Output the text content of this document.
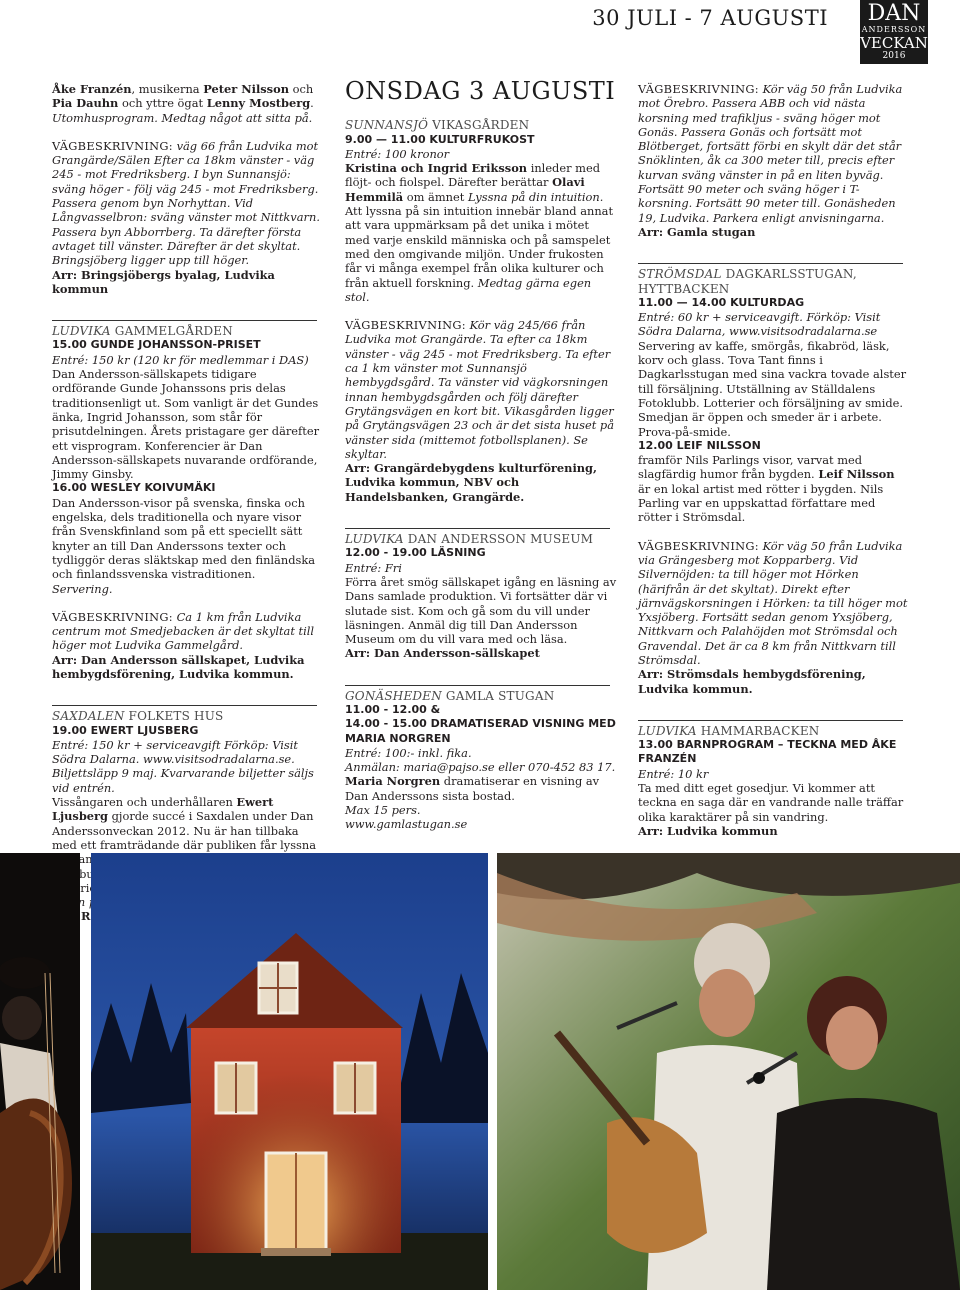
30 JULI - 7 AUGUSTI	DAN
ANDERSSON
VECKAN
2016

Åke Franzén, musikerna Peter Nilsson och Pia Dauhn och yttre ögat Lenny Mostberg.

Utomhusprogram. Medtag något att sitta på.

VÄGBESKRIVNING: väg 66 från Ludvika mot Grangärde/Sälen Efter ca 18km vänster - väg 245 - mot Fredriksberg. I byn Sunnansjö: sväng höger - följ väg 245 - mot Fredriksberg. Passera genom byn Norhyttan. Vid Långvasselbron: sväng vänster mot Nittkvarn. Passera byn Abborrberg. Ta därefter första avtaget till vänster. Därefter är det skyltat. Bringsjöberg ligger upp till höger.

Arr: Bringsjöbergs byalag, Ludvika kommun

LUDVIKA GAMMELGÅRDEN

15.00 GUNDE JOHANSSON-PRISET

Entré: 150 kr (120 kr för medlemmar i DAS)

Dan Andersson-sällskapets tidigare ordförande Gunde Johanssons pris delas traditionsenligt ut. Som vanligt är det Gundes änka, Ingrid Johansson, som står för prisutdelningen. Årets pristagare ger därefter ett visprogram. Konferencier är Dan Andersson-sällskapets nuvarande ordförande, Jimmy Ginsby.

16.00 WESLEY KOIVUMÄKI

Dan Andersson-visor på svenska, finska och engelska, dels traditionella och nyare visor från Svenskfinland som på ett speciellt sätt knyter an till Dan Anderssons texter och tydliggör deras släktskap med den finländska och finlandssvenska vistraditionen.

Servering.

VÄGBESKRIVNING: Ca 1 km från Ludvika centrum mot Smedjebacken är det skyltat till höger mot Ludvika Gammelgård.

Arr: Dan Andersson sällskapet, Ludvika hembygdsförening, Ludvika kommun.

SAXDALEN FOLKETS HUS

19.00 EWERT LJUSBERG

Entré: 150 kr + serviceavgift Förköp: Visit Södra Dalarna. www.visitsodradalarna.se. Biljettsläpp 9 maj. Kvarvarande biljetter säljs vid entrén.

Vissångaren och underhållaren Ewert Ljusberg gjorde succé i Saxdalen under Dan Anderssonveckan 2012. Nu är han tillbaka med ett framträdande där publiken får lyssna hans

ONSDAG 3 AUGUSTI

SUNNANSJÖ VIKASGÅRDEN

9.00 — 11.00 KULTURFRUKOST

Entré: 100 kronor

Kristina och Ingrid Eriksson inleder med flöjt- och fiolspel. Därefter berättar Olavi Hemmilä om ämnet Lyssna på din intuition. Att lyssna på sin intuition innebär bland annat att vara uppmärksam på det unika i mötet med varje enskild människa och på samspelet med den omgivande miljön. Under frukosten får vi många exempel från olika kulturer och från aktuell forskning. Medtag gärna egen stol.

VÄGBESKRIVNING: Kör väg 245/66 från Ludvika mot Grangärde. Ta efter ca 18km vänster - väg 245 - mot Fredriksberg. Ta efter ca 1 km vänster mot Sunnansjö hembygdsgård. Ta vänster vid vägkorsningen innan hembygdsgården och följ därefter Grytängsvägen en kort bit. Vikasgården ligger på Grytängsvägen 23 och är det sista huset på vänster sida (mittemot fotbollsplanen). Se skyltar.

Arr: Grangärdebygdens kulturförening, Ludvika kommun, NBV och Handelsbanken, Grangärde.

LUDVIKA DAN ANDERSSON MUSEUM

12.00 - 19.00 LÄSNING

Entré: Fri

Förra året smög sällskapet igång en läsning av Dans samlade produktion. Vi fortsätter där vi slutade sist. Kom och gå som du vill under läsningen. Anmäl dig till Dan Andersson Museum om du vill vara med och läsa.

Arr: Dan Andersson-sällskapet

GONÄSHEDEN GAMLA STUGAN

11.00 - 12.00 &

14.00 - 15.00 DRAMATISERAD VISNING MED MARIA NORGREN

Entré: 100:- inkl. fika.

Anmälan: maria@pajso.se eller 070-452 83 17.

Maria Norgren dramatiserar en visning av Dan Anderssons sista bostad.

Max 15 pers.

www.gamlastugan.se

VÄGBESKRIVNING: Kör väg 50 från Ludvika mot Örebro. Passera ABB och vid nästa korsning med trafikljus - sväng höger mot Gonäs. Passera Gonäs och fortsätt mot Blötberget, fortsätt förbi en skylt där det står Snöklinten, åk ca 300 meter till, precis efter kurvan sväng vänster in på en liten byväg. Fortsätt 90 meter och sväng höger i T-korsning. Fortsätt 90 meter till. Gonäsheden 19, Ludvika. Parkera enligt anvisningarna.

Arr: Gamla stugan

STRÖMSDAL DAGKARLSSTUGAN, HYTTBACKEN

11.00 — 14.00 KULTURDAG

Entré: 60 kr + serviceavgift. Förköp: Visit Södra Dalarna, www.visitsodradalarna.se

Servering av kaffe, smörgås, fikabröd, läsk, korv och glass. Tova Tant finns i Dagkarlsstugan med sina vackra tovade alster till försäljning. Utställning av Ställdalens Fotoklubb. Lotterier och försäljning av smide. Smedjan är öppen och smeder är i arbete. Prova-på-smide.

12.00 LEIF NILSSON

framför Nils Parlings visor, varvat med slagfärdig humor från bygden. Leif Nilsson är en lokal artist med rötter i bygden. Nils Parling var en uppskattad författare med rötter i Strömsdal.

VÄGBESKRIVNING: Kör väg 50 från Ludvika via Grängesberg mot Kopparberg. Vid Silvernöjden: ta till höger mot Hörken (härifrån är det skyltat). Direkt efter järnvägskorsningen i Hörken: ta till höger mot Yxsjöberg. Fortsätt sedan genom Yxsjöberg, Nittkvarn och Palahöjden mot Strömsdal och Gravendal. Det är ca 8 km från Nittkvarn till Strömsdal.

Arr: Strömsdals hembygdsförening, Ludvika kommun.

LUDVIKA HAMMARBACKEN

13.00 BARNPROGRAM – TECKNA MED ÅKE FRANZÉN

Entré: 10 kr

Ta med ditt eget gosedjur. Vi kommer att teckna en saga där en vandrande nalle träffar olika karaktärer på sin vandring.

Arr: Ludvika kommun
